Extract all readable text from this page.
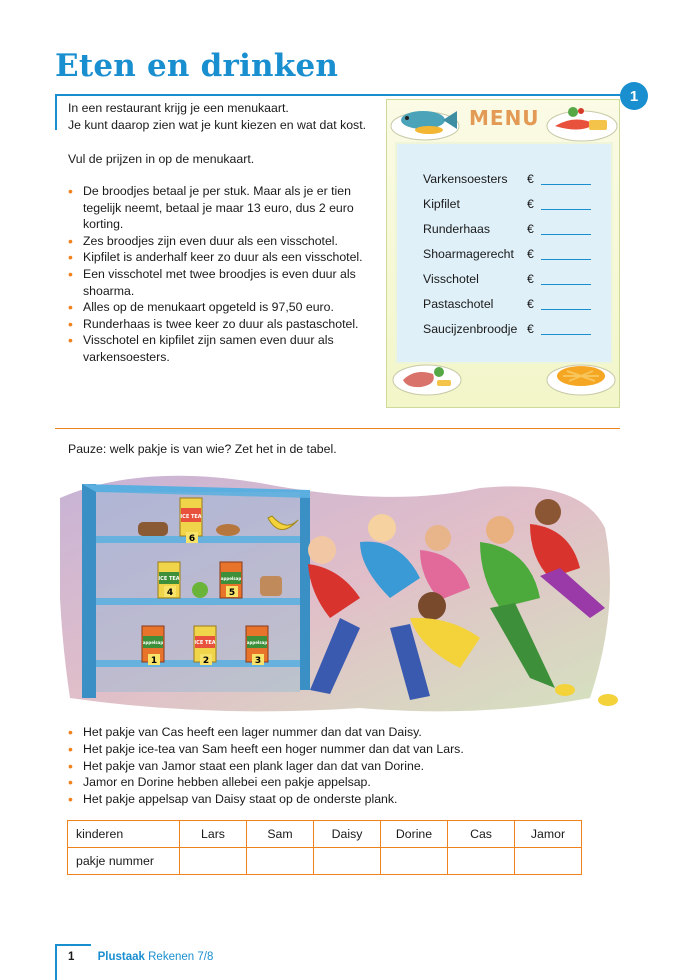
Eten en drinken
1

In een restaurant krijg je een menukaart.

Je kunt daarop zien wat je kunt kiezen en wat dat kost.

Vul de prijzen in op de menukaart.

• De broodjes betaal je per stuk. Maar als je er tien tegelijk neemt, betaal je maar 13 euro, dus 2 euro korting.
• Zes broodjes zijn even duur als een visschotel.
• Kipfilet is anderhalf keer zo duur als een visschotel.
• Een visschotel met twee broodjes is even duur als shoarma.
• Alles op de menukaart opgeteld is 97,50 euro.
• Runderhaas is twee keer zo duur als pastaschotel.
• Visschotel en kipfilet zijn samen even duur als varkensoesters.
MENU
Varkensoesters	€
Kipfilet	€
Runderhaas	€
Shoarmagerecht	€
Visschotel	€
Pastaschotel	€
Saucijzenbroodje €

Pauze: welk pakje is van wie? Zet het in de tabel.

ICE TEA
6
ICE TEA
4
appelsap
5
appelsap
1
ICE TEA
2
appelsap
3
• Het pakje van Cas heeft een lager nummer dan dat van Daisy.
• Het pakje ice-tea van Sam heeft een hoger nummer dan dat van Lars.
• Het pakje van Jamor staat een plank lager dan dat van Dorine.
• Jamor en Dorine hebben allebei een pakje appelsap.
• Het pakje appelsap van Daisy staat op de onderste plank.
kinderen	Lars	Sam	Daisy	Dorine	Cas	Jamor
pakje nummer						
1 Plustaak Rekenen 7/8
